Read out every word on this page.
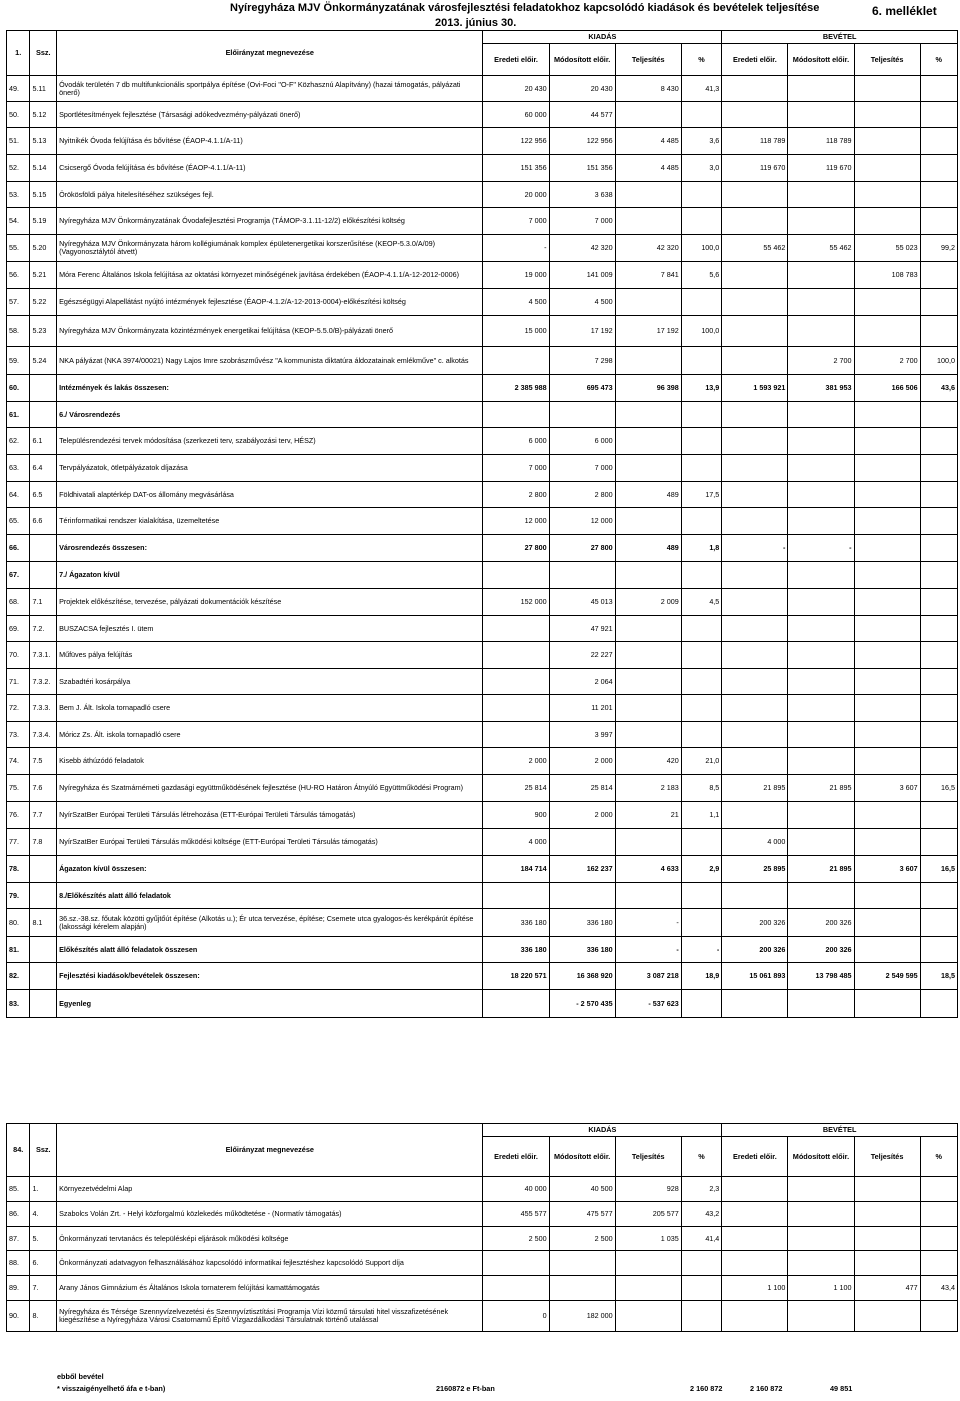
Nyíregyháza MJV Önkormányzatának városfejlesztési feladatokhoz kapcsolódó kiadások és bevételek teljesítése
2013. június 30.
6. melléklet
1.	Ssz.	Előirányzat megnevezése	KIADÁS				BEVÉTEL			
			Eredeti előir.	Módosított előir.	Teljesítés	%	Eredeti előir.	Módosított előir.	Teljesítés	%
49.	5.11	Óvodák területén 7 db multifunkcionális sportpálya építése (Ovi-Foci "O-F" Közhasznú Alapítvány) (hazai támogatás, pályázati önerő)	20 430	20 430	8 430	41,3				
50.	5.12	Sportlétesítmények fejlesztése (Társasági adókedvezmény-pályázati önerő)	60 000	44 577						
51.	5.13	Nyitnikék Óvoda felújítása és bővítése (ÉAOP-4.1.1/A-11)	122 956	122 956	4 485	3,6	118 789	118 789		
52.	5.14	Csicsergő Óvoda felújítása és bővítése (ÉAOP-4.1.1/A-11)	151 356	151 356	4 485	3,0	119 670	119 670		
53.	5.15	Örökösföldi pálya hitelesítéséhez szükséges fejl.	20 000	3 638						
54.	5.19	Nyíregyháza MJV Önkormányzatának Óvodafejlesztési Programja (TÁMOP-3.1.11-12/2) előkészítési költség	7 000	7 000						
55.	5.20	Nyíregyháza MJV Önkormányzata három kollégiumának komplex épületenergetikai korszerűsítése (KEOP-5.3.0/A/09) (Vagyonosztálytól átvett)	-	42 320	42 320	100,0	55 462	55 462	55 023	99,2
56.	5.21	Móra Ferenc Általános Iskola felújítása az oktatási környezet minőségének javítása érdekében (ÉAOP-4.1.1/A-12-2012-0006)	19 000	141 009	7 841	5,6			108 783	
57.	5.22	Egészségügyi Alapellátást nyújtó intézmények fejlesztése (ÉAOP-4.1.2/A-12-2013-0004)-előkészítési költség	4 500	4 500						
58.	5.23	Nyíregyháza MJV Önkormányzata közintézmények energetikai felújítása (KEOP-5.5.0/B)-pályázati önerő	15 000	17 192	17 192	100,0				
59.	5.24	NKA pályázat (NKA 3974/00021) Nagy Lajos Imre szobrászművész "A kommunista diktatúra áldozatainak emlékműve" c. alkotás		7 298				2 700	2 700	100,0
60.		Intézmények és lakás összesen:	2 385 988	695 473	96 398	13,9	1 593 921	381 953	166 506	43,6
61.		6./ Városrendezés								
62.	6.1	Településrendezési tervek módosítása (szerkezeti terv, szabályozási terv, HÉSZ)	6 000	6 000						
63.	6.4	Tervpályázatok, ötletpályázatok díjazása	7 000	7 000						
64.	6.5	Földhivatali alaptérkép DAT-os állomány megvásárlása	2 800	2 800	489	17,5				
65.	6.6	Térinformatikai rendszer kialakítása, üzemeltetése	12 000	12 000						
66.		Városrendezés összesen:	27 800	27 800	489	1,8	-	-		
67.		7./ Ágazaton kívül								
68.	7.1	Projektek előkészítése, tervezése, pályázati dokumentációk készítése	152 000	45 013	2 009	4,5				
69.	7.2.	BUSZACSA fejlesztés I. ütem		47 921						
70.	7.3.1.	Műfüves pálya felújítás		22 227						
71.	7.3.2.	Szabadtéri kosárpálya		2 064						
72.	7.3.3.	Bem J. Ált. Iskola tornapadló csere		11 201						
73.	7.3.4.	Móricz Zs. Ált. iskola tornapadló csere		3 997						
74.	7.5	Kisebb áthúzódó feladatok	2 000	2 000	420	21,0				
75.	7.6	Nyíregyháza és Szatmárnémeti gazdasági együttműködésének fejlesztése (HU-RO Határon Átnyúló Együttműködési Program)	25 814	25 814	2 183	8,5	21 895	21 895	3 607	16,5
76.	7.7	NyírSzatBer Európai Területi Társulás létrehozása (ETT-Európai Területi Társulás támogatás)	900	2 000	21	1,1				
77.	7.8	NyírSzatBer Európai Területi Társulás működési költsége (ETT-Európai Területi Társulás támogatás)	4 000				4 000			
78.		Ágazaton kívül összesen:	184 714	162 237	4 633	2,9	25 895	21 895	3 607	16,5
79.		8./Előkészítés alatt álló feladatok								
80.	8.1	36.sz.-38.sz. főutak közötti gyűjtőút építése (Alkotás u.); Ér utca tervezése, építése; Csemete utca gyalogos-és kerékpárút építése (lakossági kérelem alapján)	336 180	336 180	-		200 326	200 326		
81.		Előkészítés alatt álló feladatok összesen	336 180	336 180	-	-	200 326	200 326		
82.		Fejlesztési kiadások/bevételek összesen:	18 220 571	16 368 920	3 087 218	18,9	15 061 893	13 798 485	2 549 595	18,5
83.		Egyenleg		- 2 570 435	- 537 623					
84.	Ssz.	Előirányzat megnevezése	KIADÁS				BEVÉTEL			
			Eredeti előir.	Módosított előir.	Teljesítés	%	Eredeti előir.	Módosított előir.	Teljesítés	%
85.	1.	Környezetvédelmi Alap	40 000	40 500	928	2,3				
86.	4.	Szabolcs Volán Zrt. - Helyi közforgalmú közlekedés működtetése - (Normatív támogatás)	455 577	475 577	205 577	43,2				
87.	5.	Önkormányzati tervtanács és településképi eljárások működési költsége	2 500	2 500	1 035	41,4				
88.	6.	Önkormányzati adatvagyon felhasználásához kapcsolódó informatikai fejlesztéshez kapcsolódó Support díja								
89.	7.	Arany János Gimnázium és Általános Iskola tornaterem felújítási kamattámogatás					1 100	1 100	477	43,4
90.	8.	Nyíregyháza és Térsége Szennyvízelvezetési és Szennyvíztisztítási Programja Vízi közmű társulati hitel visszafizetésének kiegészítése a Nyíregyháza Városi Csatornamű Építő Vízgazdálkodási Társulatnak történő utalással	0	182 000						
ebből bevétel
* visszaigényelhető áfa e t-ban)	2160872 e Ft-ban	2 160 872	2 160 872	49 851
